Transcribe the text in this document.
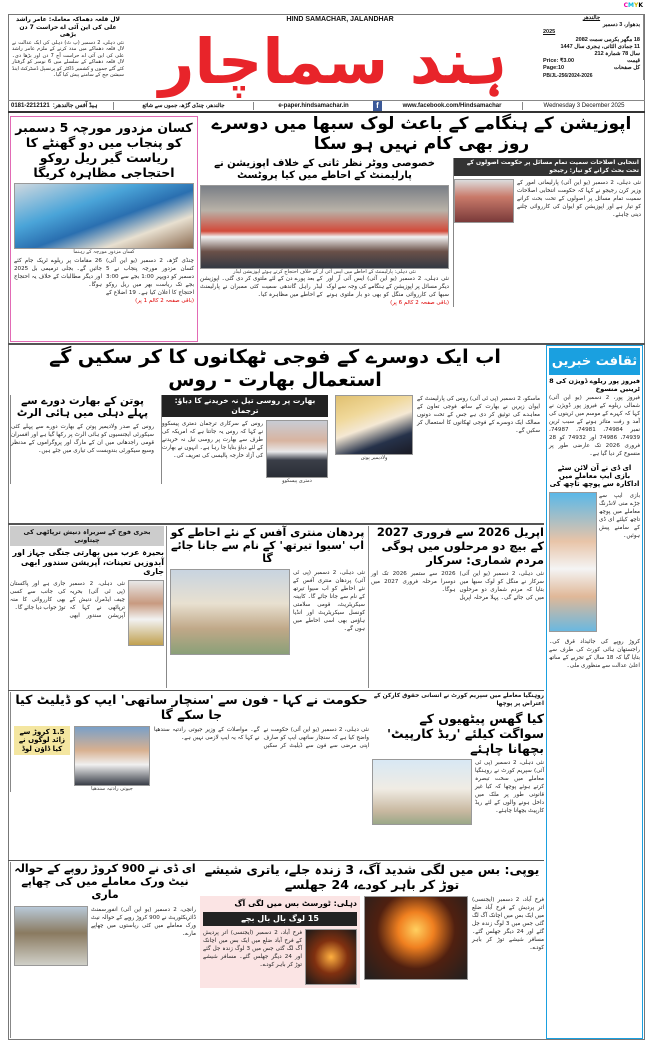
CMYK
لال قلعہ دھماکہ معاملہ: عامر راشد علی کی این آئی اے حراست 7 دن بڑھی
نئی دہلی، 2 دسمبر (پ ٹ) دہلی کی ایک عدالت نے لال قلعہ دھماکے میں مدد کرنے کے ملزم عامر راشد علی کی این آئی اے حراست آج 7 دن اور بڑھا دی۔ لال قلعہ دھماکے کے سلسلے میں 6 نومبر کو گرفتار کئے گئے جموں و کشمیر ڈاکٹر کو پرنسپل ڈسٹرکٹ اینڈ سیشن جج کے سامنے پیش کیا گیا۔
HIND SAMACHAR, JALANDHAR
ہند سماچار
جالندھر
بدھوار، 3 دسمبر
2025
18 مگھر بکرمی سمت 2082
11 جمادی الثانی، ہجری سال 1447
سال 78 شمارہ 212
قیمت
Price: ₹3.00
کل صفحات
Page:10
PB/JL-256/2024-2026
ہیڈ آفس جالندھر:
0181-2212121	جالندھر، چنڈی گڑھ، جموں سے شائع	e-paper.hindsamachar.in	f	www.facebook.com/Hindsamachar	Wednesday 3 December 2025
کسان مزدور مورچہ 5 دسمبر کو پنجاب میں دو گھنٹے کا ریاست گیر ریل روکو احتجاجی مظاہرہ کریگا
کسان مزدور مورچہ کے رہنما
چنڈی گڑھ، 2 دسمبر (یو این آئی) کسان مزدور مورچہ پنجاب نے 5 دسمبر کو دوپہر 1:00 بجے سے 3:00 بجے تک ریاست بھر میں ریل روکو احتجاج کا اعلان کیا ہے۔ 19 اضلاع کے 26 مقامات پر ریلوے ٹریک جام کئے جائیں گے۔ بجلی ترمیمی بل 2025 اور دیگر مطالبات کے خلاف یہ احتجاج ہوگا۔
(باقی صفحہ 2 کالم 1 پر)
اپوزیشن کے ہنگامے کے باعث لوک سبھا میں دوسرے روز بھی کام نہیں ہو سکا
انتخابی اصلاحات سمیت تمام مسائل پر حکومت اصولوں کے تحت بحث کرانے کو تیار: رجیجو
نئی دہلی، 2 دسمبر (یو این آئی) پارلیمانی امور کے وزیر کرن رجیجو نے کہا کہ حکومت انتخابی اصلاحات سمیت تمام مسائل پر اصولوں کے تحت بحث کرانے کو تیار ہے اور اپوزیشن کو ایوان کی کارروائی چلنے دینی چاہئے۔
خصوصی ووٹر نظر ثانی کے خلاف اپوزیشن نے پارلیمنٹ کے احاطے میں کیا پروٹسٹ
نئی دہلی: پارلیمنٹ کے احاطے میں ایس آئی آر کے خلاف احتجاج کرتے ہوئے اپوزیشن لیڈر
نئی دہلی، 2 دسمبر (یو این آئی) ایس آئی آر اور دیگر مسائل پر اپوزیشن کے ہنگامے کی وجہ سے لوک سبھا کی کارروائی منگل کو بھی دو بار ملتوی ہونے کے بعد پورے دن کے لئے ملتوی کر دی گئی۔ اپوزیشن لیڈر راہل گاندھی سمیت کئی ممبران نے پارلیمنٹ کے احاطے میں مظاہرہ کیا۔
(باقی صفحہ 2 کالم 6 پر)
اب ایک دوسرے کے فوجی ٹھکانوں کا کر سکیں گے استعمال بھارت - روس
ماسکو، 2 دسمبر (پی ٹی آئی) روس کی پارلیمنٹ کے ایوان زیریں نے بھارت کے ساتھ فوجی تعاون کے معاہدے کی توثیق کر دی ہے جس کے تحت دونوں ممالک ایک دوسرے کے فوجی ٹھکانوں کا استعمال کر سکیں گے۔
ولادیمیر پوتن
بھارت پر روسی تیل نہ خریدنے کا دباؤ: ترجمان
دمتری پیسکوو
روس کے سرکاری ترجمان دمتری پیسکوو نے کہا کہ روس یہ جانتا ہے کہ امریکہ کی طرف سے بھارت پر روسی تیل نہ خریدنے کے لئے دباؤ بنایا جا رہا ہے۔ انہوں نے بھارت کی آزاد خارجہ پالیسی کی تعریف کی۔
پوتن کے بھارت دورے سے پہلے دہلی میں ہائی الرٹ
روس کے صدر ولادیمیر پوتن کے بھارت دورے سے پہلے کئی سیکورٹی ایجنسیوں کو ہائی الرٹ پر رکھا گیا ہے اور افسران قومی راجدھانی میں ان کے مارگ اور پروگراموں کے مدنظر وسیع سیکورٹی بندوبست کی تیاری میں جٹے ہیں۔
ثقافت خبریں
فیروز پور ریلوے ڈویژن کی 8 ٹرینیں منسوخ
فیروز پور، 2 دسمبر (یو این آئی) شمالی ریلوے کے فیروز پور ڈویژن نے کہا کہ کہرے کے موسم میں ٹرینوں کی آمد و رفت متاثر ہونے کے سبب ٹرین نمبر 74984، 74981، 74987، 74939، 74986 اور 74932 کو 28 فروری 2026 تک عارضی طور پر منسوخ کر دیا گیا ہے۔
ای ڈی نے آن لائن سٹے بازی ایپ معاملے میں اداکارہ سے پوچھ تاچھ کی
بازی ایپ سے جڑے منی لانڈرنگ معاملے میں پوچھ تاچھ کیلئے ای ڈی کے سامنے پیش ہوئیں۔
کروڑ روپے کی جائیداد قرق کی۔ راجستھان ہائی کورٹ کی طرف سے بتایا گیا کہ 18 سال کے تجربے کے ساتھ اعلیٰ عدالت سے منظوری ملی۔
اپریل 2026 سے فروری 2027 کے بیچ دو مرحلوں میں ہوگی مردم شماری: سرکار
نئی دہلی، 2 دسمبر (یو این آئی) سرکار نے منگل کو لوک سبھا میں بتایا کہ مردم شماری دو مرحلوں میں کی جائے گی۔ پہلا مرحلہ اپریل 2026 سے ستمبر 2026 تک اور دوسرا مرحلہ فروری 2027 میں ہوگا۔
پردھان منتری آفس کے نئے احاطے کو اب 'سیوا تیرتھ' کے نام سے جانا جائے گا
نئی دہلی، 2 دسمبر (پی ٹی آئی) پردھان منتری آفس کے نئے احاطے کو اب سیوا تیرتھ کے نام سے جانا جائے گا۔ کابینہ سیکریٹریٹ، قومی سلامتی کونسل سیکریٹریٹ اور انڈیا ہاؤس بھی اسی احاطے میں ہوں گے۔
بحری فوج کے سربراہ دنیش ترپاٹھی کی چیتاونی
بحیرہ عرب میں بھارتی جنگی جہاز اور آبدوزیں تعینات، آپریشن سندور ابھی جاری
نئی دہلی، 2 دسمبر (پی ٹی آئی) بحریہ چیف ایڈمرل دنیش کے ترپاٹھی نے کہا کہ آپریشن سندور ابھی جاری ہے اور پاکستان کی جانب سے کسی بھی کارروائی کا منہ توڑ جواب دیا جائے گا۔
روہنگیا معاملے میں سپریم کورٹ نے انسانی حقوق کارکن کے اعتراض پر پوچھا
کیا گھس پیٹھیوں کے سواگت کیلئے 'ریڈ کارپیٹ' بچھانا چاہئے
نئی دہلی، 2 دسمبر (پی ٹی آئی) سپریم کورٹ نے روہنگیا معاملے میں سخت تبصرہ کرتے ہوئے پوچھا کہ کیا غیر قانونی طور پر ملک میں داخل ہونے والوں کے لئے ریڈ کارپیٹ بچھانا چاہئے۔
حکومت نے کہا - فون سے 'سنچار ساتھی' ایپ کو ڈیلیٹ کیا جا سکے گا
نئی دہلی، 2 دسمبر (یو این آئی) حکومت نے واضح کیا ہے کہ سنچار ساتھی ایپ کو صارف اپنی مرضی سے فون سے ڈیلیٹ کر سکیں گے۔ مواصلات کے وزیر جیوتی رادتیہ سندھیا نے کہا کہ یہ ایپ لازمی نہیں ہے۔
جیوتی رادتیہ سندھیا
1.5 کروڑ سے زائد لوگوں نے کیا ڈاؤن لوڈ
یوپی: بس میں لگی شدید آگ، 3 زندہ جلے، یاتری شیشے توڑ کر باہر کودے، 24 جھلسے
فرخ آباد، 2 دسمبر (ایجنسی) اتر پردیش کے فرخ آباد ضلع میں ایک بس میں اچانک آگ لگ گئی جس میں 3 لوگ زندہ جل گئے اور 24 دیگر جھلس گئے۔ مسافر شیشے توڑ کر باہر کودے۔
دہلی: ٹورسٹ بس میں لگی آگ
15 لوگ بال بال بچے
فرخ آباد، 2 دسمبر (ایجنسی) اتر پردیش کے فرخ آباد ضلع میں ایک بس میں اچانک آگ لگ گئی جس میں 3 لوگ زندہ جل گئے اور 24 دیگر جھلس گئے۔ مسافر شیشے توڑ کر باہر کودے۔
ای ڈی نے 900 کروڑ روپے کے حوالہ نیٹ ورک معاملے میں کی چھاپے ماری
رانچی، 2 دسمبر (یو این آئی) انفورسمنٹ ڈائریکٹوریٹ نے 900 کروڑ روپے کے حوالہ نیٹ ورک معاملے میں کئی ریاستوں میں چھاپے مارے۔
